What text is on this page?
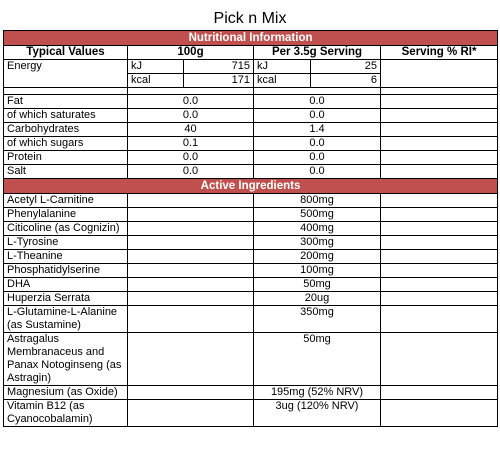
Pick n Mix
Nutritional Information					
Typical Values	100g		Per 3.5g Serving		Serving % RI*
Energy	kJ	715	kJ	25	
	kcal	171	kcal	6	

Fat	0.0		0.0		
of which saturates	0.0		0.0		
Carbohydrates	40		1.4		
of which sugars	0.1		0.0		
Protein	0.0		0.0		
Salt	0.0		0.0		
Active Ingredients					
Acetyl L-Carnitine			800mg		
Phenylalanine			500mg		
Citicoline (as Cognizin)			400mg		
L-Tyrosine			300mg		
L-Theanine			200mg		
Phosphatidylserine			100mg		
DHA			50mg		
Huperzia Serrata			20ug		
L-Glutamine-L-Alanine (as Sustamine)			350mg		
Astragalus Membranaceus and Panax Notoginseng (as Astragin)			50mg		
Magnesium (as Oxide)			195mg (52% NRV)		
Vitamin B12 (as Cyanocobalamin)			3ug (120% NRV)		
